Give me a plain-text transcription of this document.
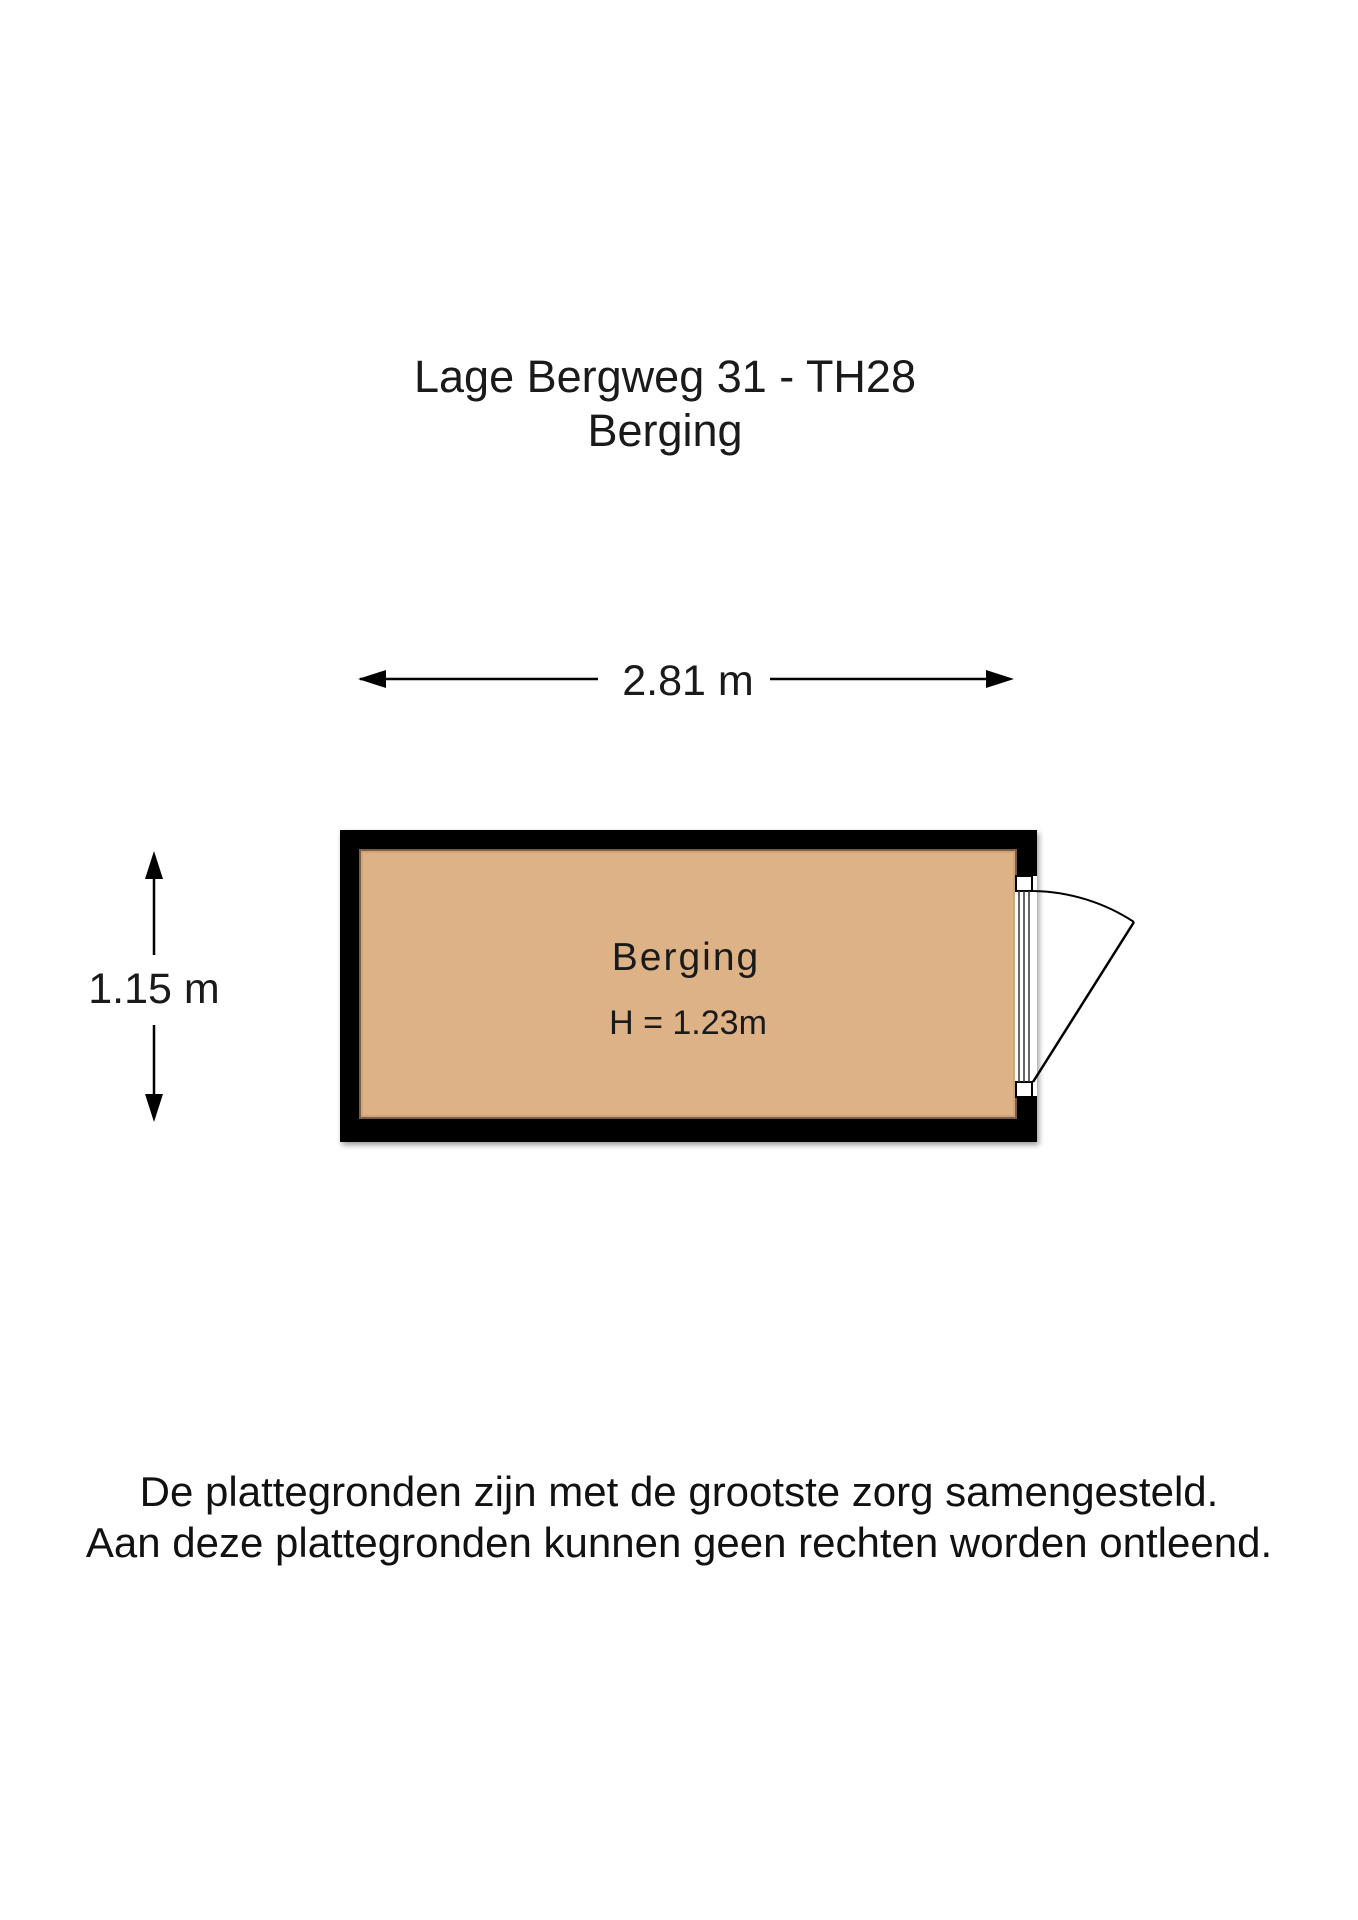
Lage Bergweg 31 - TH28
Berging
2.81 m
1.15 m
Berging
H = 1.23m
De plattegronden zijn met de grootste zorg samengesteld.
Aan deze plattegronden kunnen geen rechten worden ontleend.
